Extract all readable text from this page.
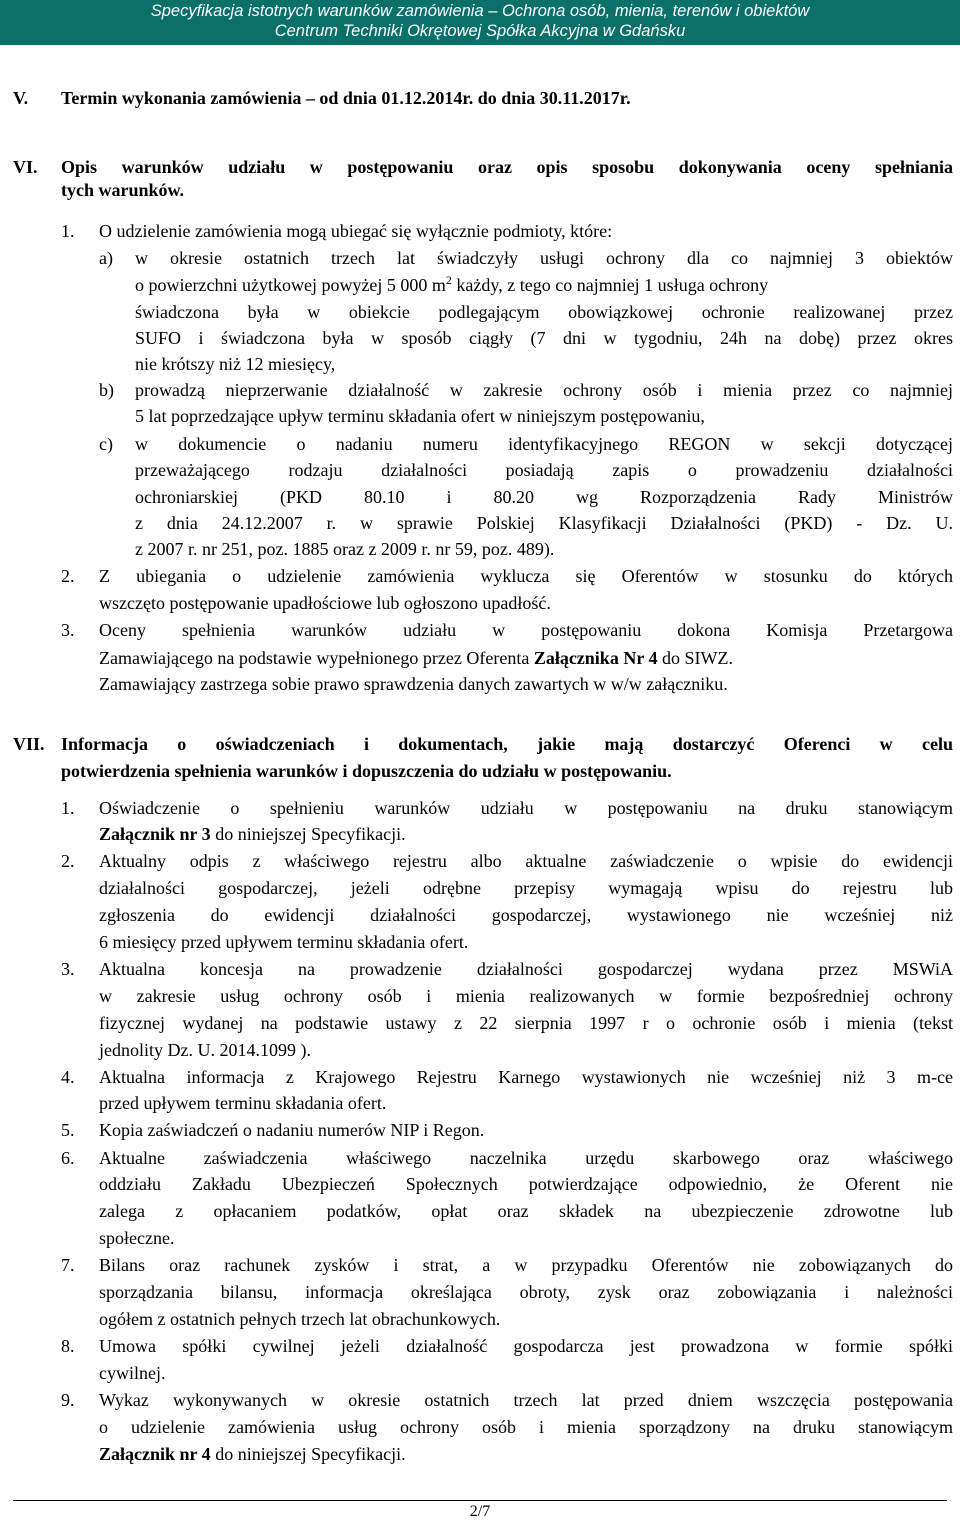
Specyfikacja istotnych warunków zamówienia – Ochrona osób, mienia, terenów i obiektów
Centrum Techniki Okrętowej Spółka Akcyjna w Gdańsku
V. Termin wykonania zamówienia – od dnia 01.12.2014r. do dnia 30.11.2017r.
VI. Opis warunków udziału w postępowaniu oraz opis sposobu dokonywania oceny spełniania
tych warunków.
1. O udzielenie zamówienia mogą ubiegać się wyłącznie podmioty, które:
a) w okresie ostatnich trzech lat świadczyły usługi ochrony dla co najmniej 3 obiektów
o powierzchni użytkowej powyżej 5 000 $m^2$ każdy, z tego co najmniej 1 usługa ochrony
świadczona była w obiekcie podlegającym obowiązkowej ochronie realizowanej przez
SUFO i świadczona była w sposób ciągły (7 dni w tygodniu, 24h na dobę) przez okres
nie krótszy niż 12 miesięcy,
b) prowadzą nieprzerwanie działalność w zakresie ochrony osób i mienia przez co najmniej
5 lat poprzedzające upływ terminu składania ofert w niniejszym postępowaniu,
c) w dokumencie o nadaniu numeru identyfikacyjnego REGON w sekcji dotyczącej
przeważającego rodzaju działalności posiadają zapis o prowadzeniu działalności
ochroniarskiej (PKD 80.10 i 80.20 wg Rozporządzenia Rady Ministrów
z dnia 24.12.2007 r. w sprawie Polskiej Klasyfikacji Działalności (PKD) - Dz. U.
z 2007 r. nr 251, poz. 1885 oraz z 2009 r. nr 59, poz. 489).
2. Z ubiegania o udzielenie zamówienia wyklucza się Oferentów w stosunku do których
wszczęto postępowanie upadłościowe lub ogłoszono upadłość.
3. Oceny spełnienia warunków udziału w postępowaniu dokona Komisja Przetargowa
Zamawiającego na podstawie wypełnionego przez Oferenta Załącznika Nr 4 do SIWZ.
Zamawiający zastrzega sobie prawo sprawdzenia danych zawartych w w/w załączniku.
VII. Informacja o oświadczeniach i dokumentach, jakie mają dostarczyć Oferenci w celu
potwierdzenia spełnienia warunków i dopuszczenia do udziału w postępowaniu.
1. Oświadczenie o spełnieniu warunków udziału w postępowaniu na druku stanowiącym
Załącznik nr 3 do niniejszej Specyfikacji.
2. Aktualny odpis z właściwego rejestru albo aktualne zaświadczenie o wpisie do ewidencji
działalności gospodarczej, jeżeli odrębne przepisy wymagają wpisu do rejestru lub
zgłoszenia do ewidencji działalności gospodarczej, wystawionego nie wcześniej niż
6 miesięcy przed upływem terminu składania ofert.
3. Aktualna koncesja na prowadzenie działalności gospodarczej wydana przez MSWiA
w zakresie usług ochrony osób i mienia realizowanych w formie bezpośredniej ochrony
fizycznej wydanej na podstawie ustawy z 22 sierpnia 1997 r o ochronie osób i mienia (tekst
jednolity Dz. U. 2014.1099 ).
4. Aktualna informacja z Krajowego Rejestru Karnego wystawionych nie wcześniej niż 3 m-ce
przed upływem terminu składania ofert.
5. Kopia zaświadczeń o nadaniu numerów NIP i Regon.
6. Aktualne zaświadczenia właściwego naczelnika urzędu skarbowego oraz właściwego
oddziału Zakładu Ubezpieczeń Społecznych potwierdzające odpowiednio, że Oferent nie
zalega z opłacaniem podatków, opłat oraz składek na ubezpieczenie zdrowotne lub
społeczne.
7. Bilans oraz rachunek zysków i strat, a w przypadku Oferentów nie zobowiązanych do
sporządzania bilansu, informacja określająca obroty, zysk oraz zobowiązania i należności
ogółem z ostatnich pełnych trzech lat obrachunkowych.
8. Umowa spółki cywilnej jeżeli działalność gospodarcza jest prowadzona w formie spółki
cywilnej.
9. Wykaz wykonywanych w okresie ostatnich trzech lat przed dniem wszczęcia postępowania
o udzielenie zamówienia usług ochrony osób i mienia sporządzony na druku stanowiącym
Załącznik nr 4 do niniejszej Specyfikacji.
2/7
